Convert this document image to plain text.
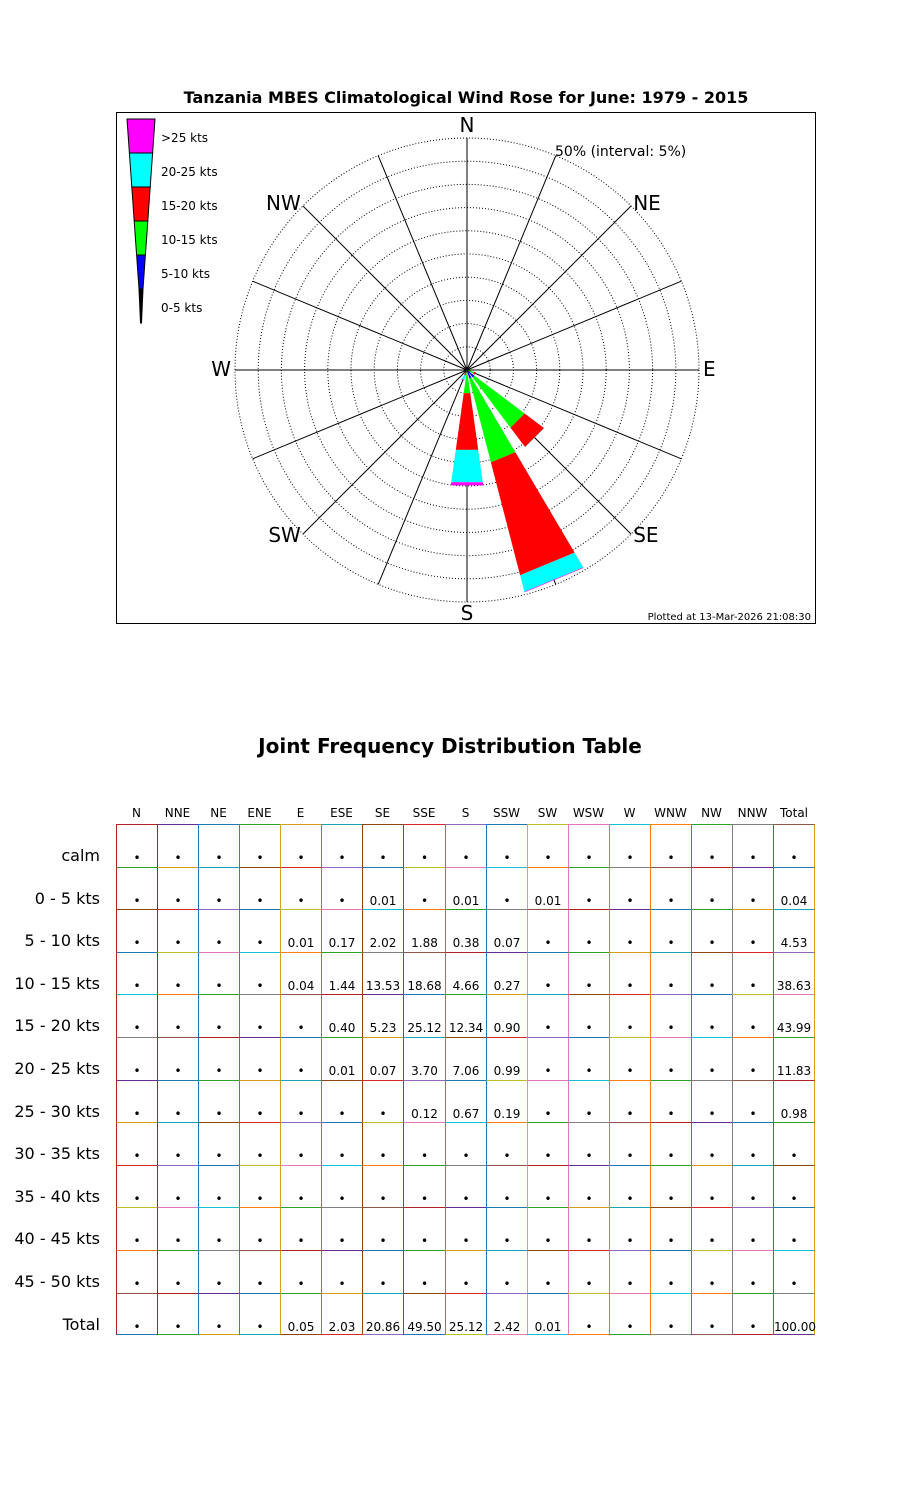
Tanzania MBES Climatological Wind Rose for June: 1979 - 2015
N
NE
E
SE
S
SW
W
NW
50% (interval: 5%)
Plotted at 13-Mar-2026 21:08:30
>25 kts
20-25 kts
15-20 kts
10-15 kts
5-10 kts
0-5 kts
Joint Frequency Distribution Table
N NNE NE ENE E ESE SE SSE S SSW SW WSW W WNW NW NNW Total
calm	•	•	•	•	•	•	•	•	•	•	•	•	•	•	•	•	•
0 - 5 kts	•	•	•	•	•	•	0.01	•	0.01	•	0.01	•	•	•	•	•	0.04
5 - 10 kts	•	•	•	•	0.01	0.17	2.02	1.88	0.38	0.07	•	•	•	•	•	•	4.53
10 - 15 kts	•	•	•	•	0.04	1.44 13.53 18.68 4.66	0.27	•	•	•	•	•	•	38.63
15 - 20 kts	•	•	•	•	•	0.40	5.23 25.12 12.34 0.90	•	•	•	•	•	•	43.99
20 - 25 kts	•	•	•	•	•	0.01	0.07	3.70	7.06	0.99	•	•	•	•	•	•	11.83
25 - 30 kts	•	•	•	•	•	•	•	0.12	0.67	0.19	•	•	•	•	•	•	0.98
30 - 35 kts	•	•	•	•	•	•	•	•	•	•	•	•	•	•	•	•	•
35 - 40 kts	•	•	•	•	•	•	•	•	•	•	•	•	•	•	•	•	•
40 - 45 kts	•	•	•	•	•	•	•	•	•	•	•	•	•	•	•	•	•
45 - 50 kts	•	•	•	•	•	•	•	•	•	•	•	•	•	•	•	•	•
Total	•	•	•	•	0.05	2.03 20.86 49.50 25.12 2.42	0.01	•	•	•	•	•	100.00
